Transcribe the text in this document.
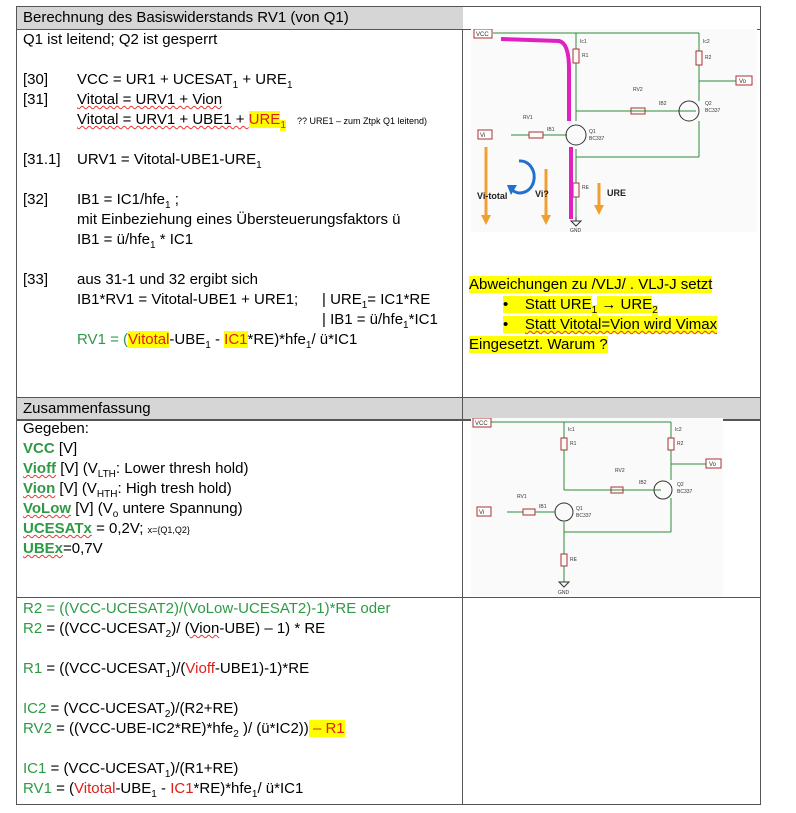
Berechnung des Basiswiderstands RV1 (von Q1)
Q1 ist leitend; Q2 ist gesperrt
[30] VCC = $UR1 + UCESAT_1 + URE_1$
[31] Vitotal = URV1 + Vion
Vitotal = $URV1 + UBE1 + URE_1$ ?? URE1 – zum Ztpk Q1 leitend)
[31.1] URV1 = Vitotal-$UBE1-URE_1$
[32] IB1 = IC1/hfe$_1$ ;
mit Einbeziehung eines Übersteuerungsfaktors ü
IB1 = ü/hfe$_1$ * IC1
[33] aus 31-1 und 32 ergibt sich
IB1*RV1 = Vitotal-UBE1 + URE1; | $URE_1= IC1*RE$
| IB1 = ü/hfe$_1$*IC1
$RV1 = (Vitotal-UBE_1 - IC1*RE)*hfe_1/$ ü*IC1
Abweichungen zu /VLJ/ . VLJ-J setzt
•    Statt $URE_1 \to URE_2$
•    Statt Vitotal=Vion wird Vimax
Eingesetzt. Warum ?
Zusammenfassung
Gegeben:
VCC [V]
Vioff [V] ($V_{LTH}$: Lower thresh hold)
Vion [V] ($V_{HTH}$: High tresh hold)
VoLow [V] ($V_o$ untere Spannung)
UCESATx = 0,2V; x={Q1,Q2}
UBEx=0,7V
R2 = ((VCC-UCESAT2)/(VoLow-UCESAT2)-1)*RE oder
$R2 = ((VCC-UCESAT_2)/$ (Vion-UBE) – 1) * RE
$R1 = ((VCC-UCESAT_1)/(Vioff-UBE1)-1)*RE$
$IC2 = (VCC-UCESAT_2)/(R2+RE)$
RV2 = ((VCC-UBE-IC2*RE)*hfe$_2$ )/ (ü*IC2)) – R1
$IC1 = (VCC-UCESAT_1)/(R1+RE)$
$RV1 = (Vitotal-UBE_1 - IC1*RE)*hfe_1/$ ü*IC1
VCC
Vi
Vo
Ic1	Ic2
R1	R2
RV2
IB2
RV1
IB1	Q1
BC337
Q2
BC337
RE
GND
Vi-total	Vi?	URE
VCC
Vi
Vo
Ic1	Ic2
R1	R2
RV2
IB2
RV1
IB1	Q1
BC337
Q2
BC337
RE
GND
